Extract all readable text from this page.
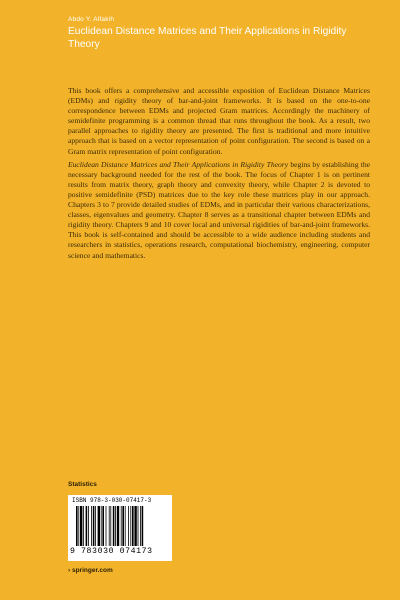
Abdo Y. Alfakih
Euclidean Distance Matrices and Their Applications in Rigidity Theory

This book offers a comprehensive and accessible exposition of Euclidean Distance Matrices (EDMs) and rigidity theory of bar-and-joint frameworks. It is based on the one-to-one correspondence between EDMs and projected Gram matrices. Accordingly the machinery of semidefinite programming is a common thread that runs throughout the book. As a result, two parallel approaches to rigidity theory are presented. The first is traditional and more intuitive approach that is based on a vector representation of point configuration. The second is based on a Gram matrix representation of point configuration.

Euclidean Distance Matrices and Their Applications in Rigidity Theory begins by establishing the necessary background needed for the rest of the book. The focus of Chapter 1 is on pertinent results from matrix theory, graph theory and convexity theory, while Chapter 2 is devoted to positive semidefinite (PSD) matrices due to the key role these matrices play in our approach. Chapters 3 to 7 provide detailed studies of EDMs, and in particular their various characterizations, classes, eigenvalues and geometry. Chapter 8 serves as a transitional chapter between EDMs and rigidity theory. Chapters 9 and 10 cover local and universal rigidities of bar-and-joint frameworks. This book is self-contained and should be accessible to a wide audience including students and researchers in statistics, operations research, computational biochemistry, engineering, computer science and mathematics.

Statistics
ISBN 978-3-030-07417-3
9 783030 074173
› springer.com
